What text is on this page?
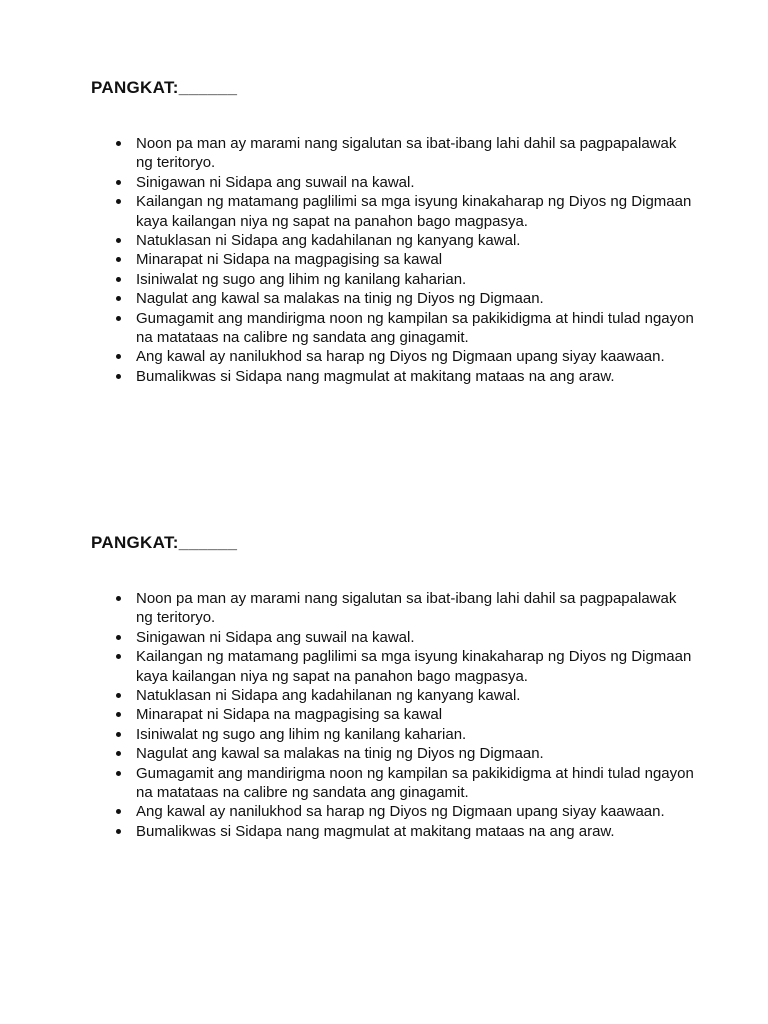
PANGKAT:______
Noon pa man ay marami nang sigalutan sa ibat-ibang lahi dahil sa pagpapalawak ng teritoryo.
Sinigawan ni Sidapa ang suwail na kawal.
Kailangan ng matamang paglilimi sa mga isyung kinakaharap ng Diyos ng Digmaan kaya kailangan niya ng sapat na panahon bago magpasya.
Natuklasan ni Sidapa ang kadahilanan ng kanyang kawal.
Minarapat ni Sidapa na magpagising sa kawal
Isiniwalat ng sugo ang lihim ng kanilang kaharian.
Nagulat ang kawal sa malakas na tinig ng Diyos ng Digmaan.
Gumagamit ang mandirigma noon ng kampilan sa pakikidigma at hindi tulad ngayon na matataas na calibre ng sandata ang ginagamit.
Ang kawal ay nanilukhod sa harap ng Diyos ng Digmaan upang siyay kaawaan.
Bumalikwas si Sidapa nang magmulat at makitang mataas na ang araw.
PANGKAT:______
Noon pa man ay marami nang sigalutan sa ibat-ibang lahi dahil sa pagpapalawak ng teritoryo.
Sinigawan ni Sidapa ang suwail na kawal.
Kailangan ng matamang paglilimi sa mga isyung kinakaharap ng Diyos ng Digmaan kaya kailangan niya ng sapat na panahon bago magpasya.
Natuklasan ni Sidapa ang kadahilanan ng kanyang kawal.
Minarapat ni Sidapa na magpagising sa kawal
Isiniwalat ng sugo ang lihim ng kanilang kaharian.
Nagulat ang kawal sa malakas na tinig ng Diyos ng Digmaan.
Gumagamit ang mandirigma noon ng kampilan sa pakikidigma at hindi tulad ngayon na matataas na calibre ng sandata ang ginagamit.
Ang kawal ay nanilukhod sa harap ng Diyos ng Digmaan upang siyay kaawaan.
Bumalikwas si Sidapa nang magmulat at makitang mataas na ang araw.
